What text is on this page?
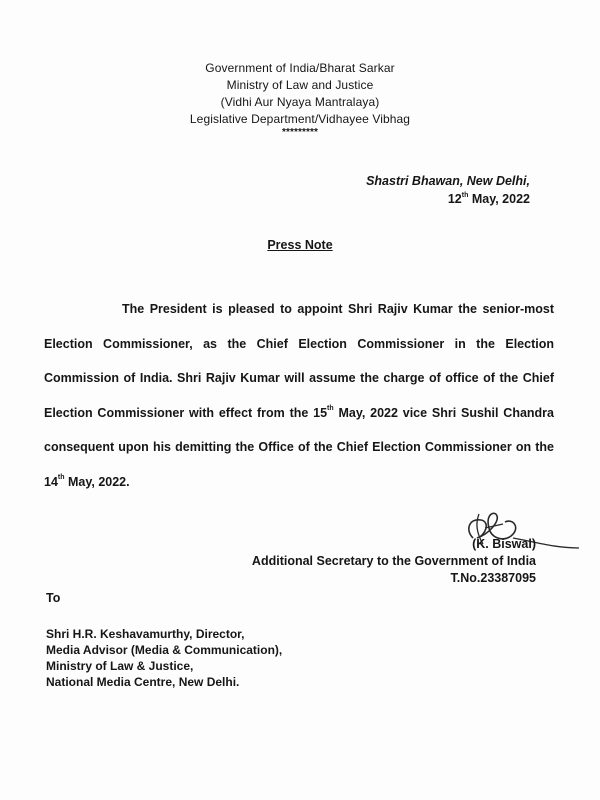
Government of India/Bharat Sarkar
Ministry of Law and Justice
(Vidhi Aur Nyaya Mantralaya)
Legislative Department/Vidhayee Vibhag
*********
Shastri Bhawan, New Delhi,
12th May, 2022
Press Note

The President is pleased to appoint Shri Rajiv Kumar the senior-most Election Commissioner, as the Chief Election Commissioner in the Election Commission of India. Shri Rajiv Kumar will assume the charge of office of the Chief Election Commissioner with effect from the 15th May, 2022 vice Shri Sushil Chandra consequent upon his demitting the Office of the Chief Election Commissioner on the 14th May, 2022.

(K. Biswal)
Additional Secretary to the Government of India
T.No.23387095
To
Shri H.R. Keshavamurthy, Director,
Media Advisor (Media & Communication),
Ministry of Law & Justice,
National Media Centre, New Delhi.
